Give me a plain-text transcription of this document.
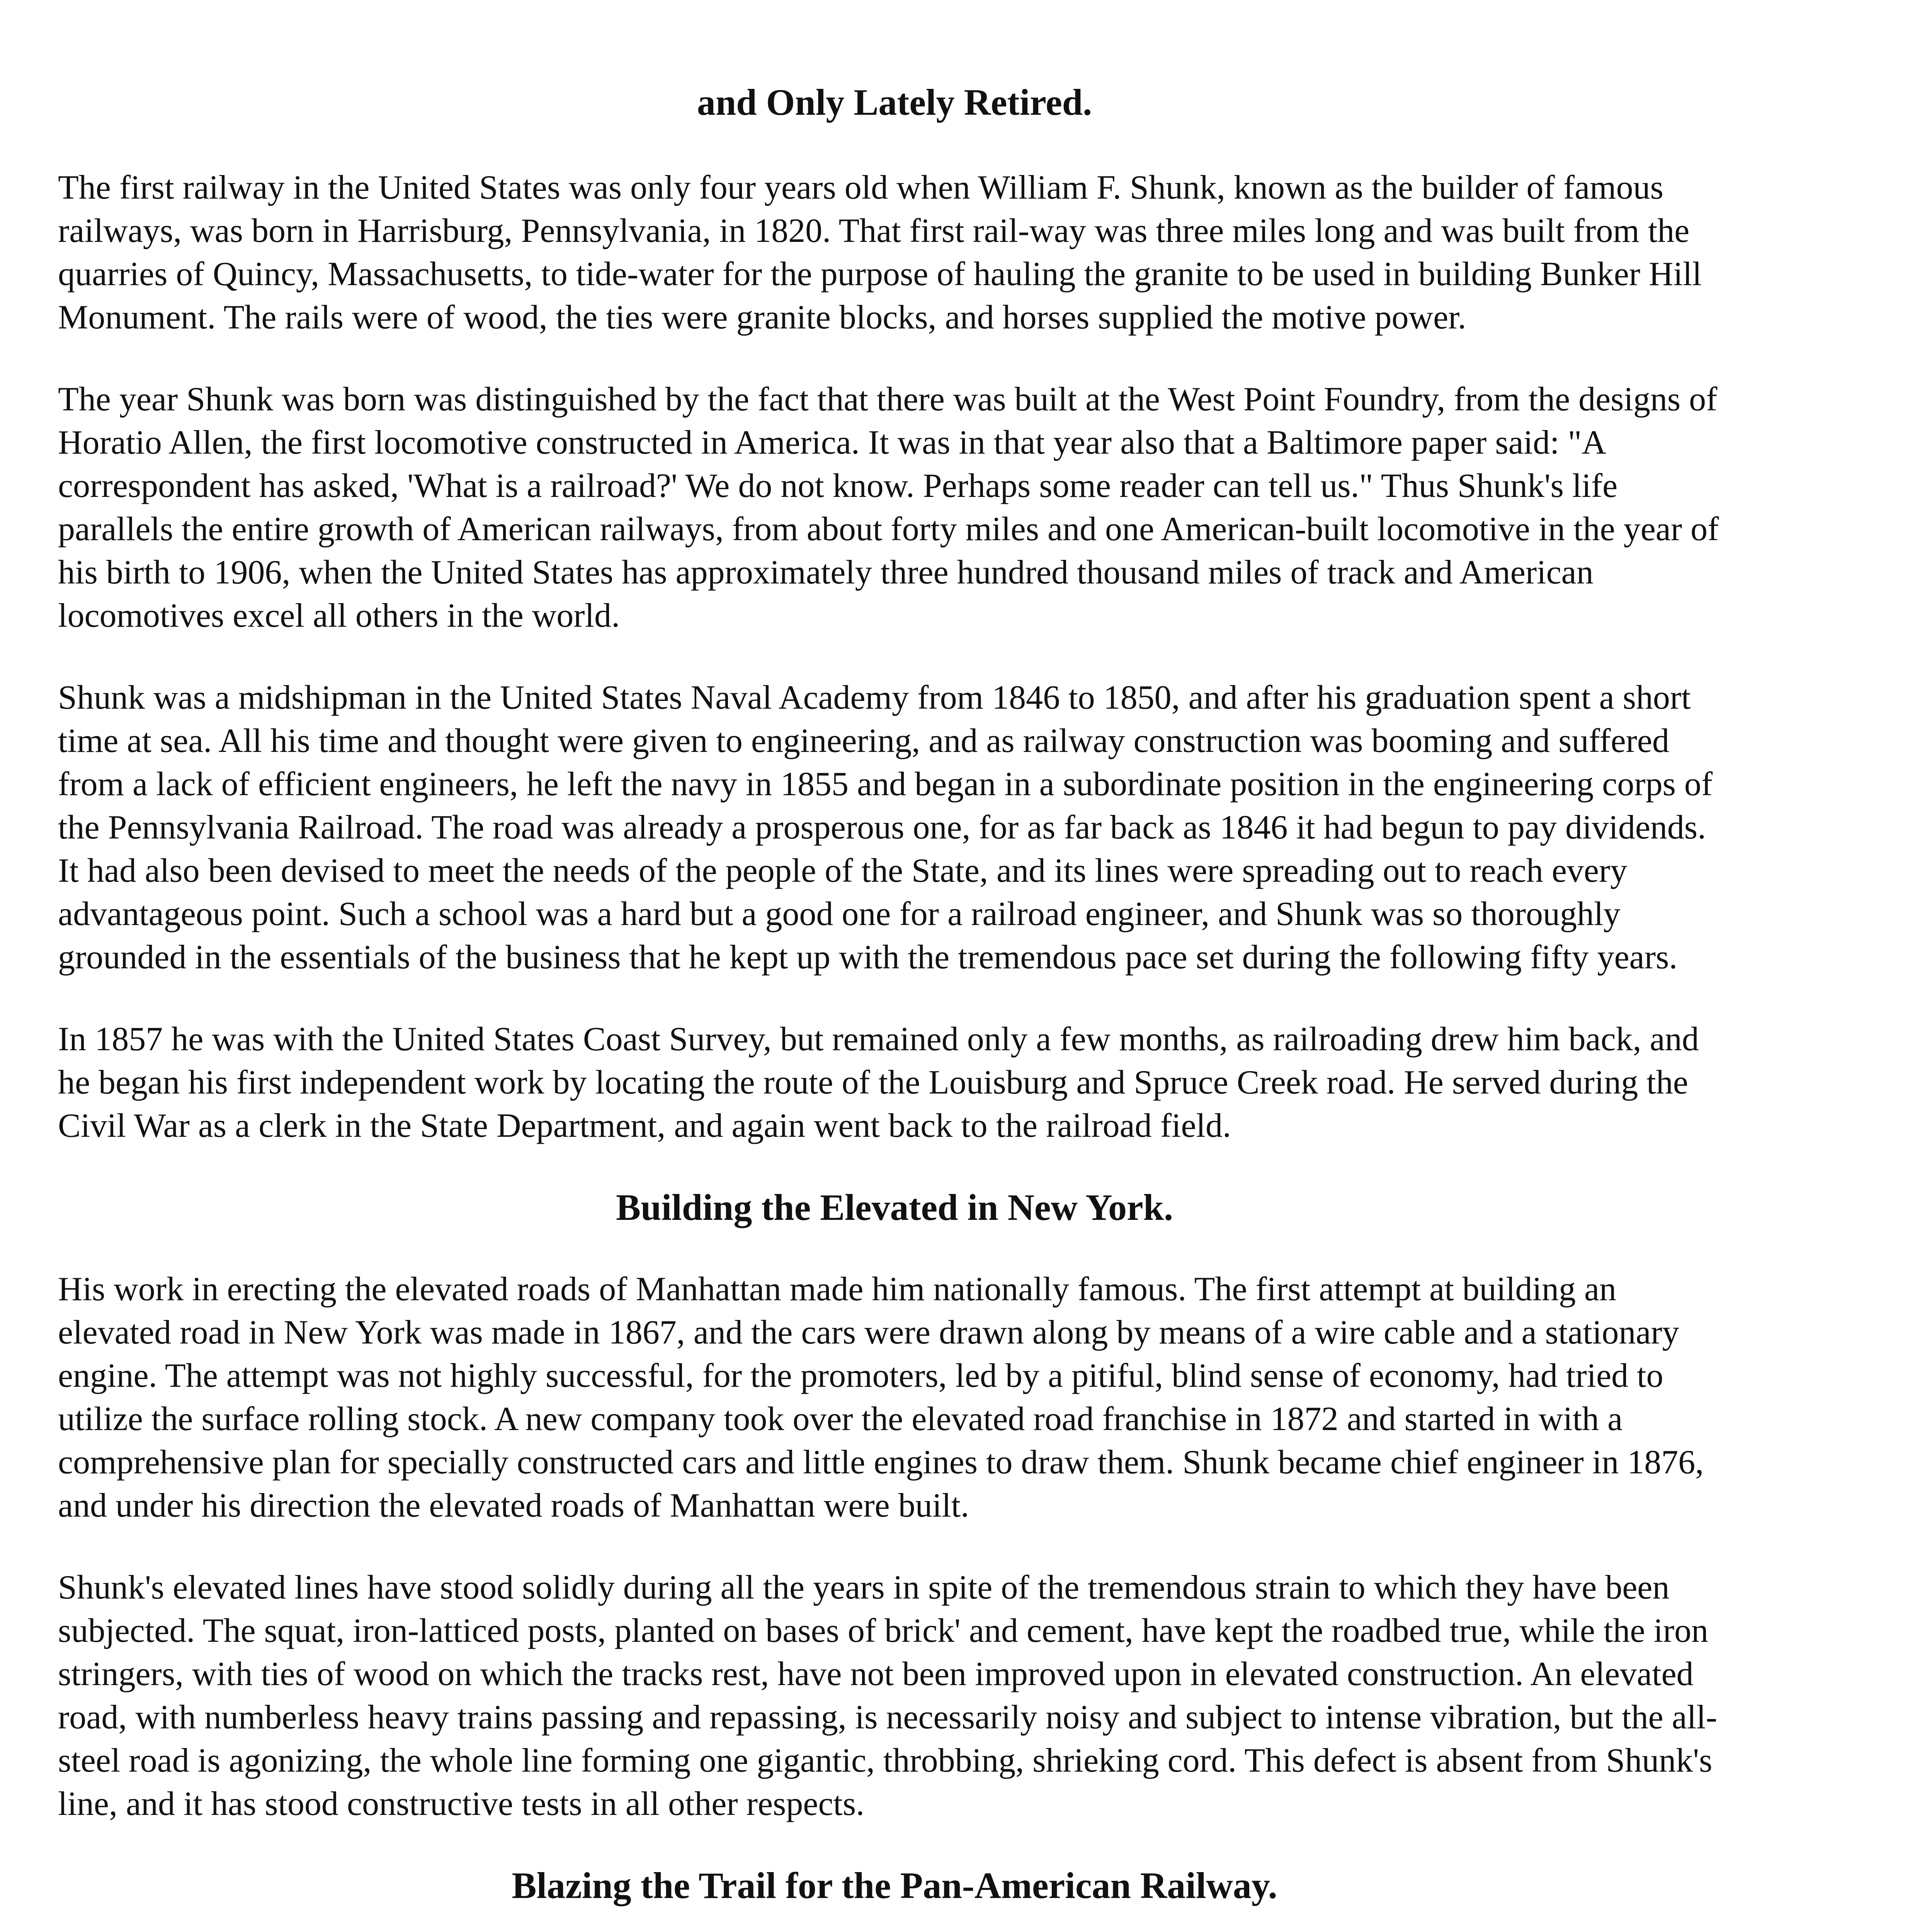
and Only Lately Retired.

The first railway in the United States was only four years old when William F. Shunk, known as the builder of famous railways, was born in Harrisburg, Pennsylvania, in 1820. That first rail-way was three miles long and was built from the quarries of Quincy, Massachusetts, to tide-water for the purpose of hauling the granite to be used in building Bunker Hill Monument. The rails were of wood, the ties were granite blocks, and horses supplied the motive power.

The year Shunk was born was distinguished by the fact that there was built at the West Point Foundry, from the designs of Horatio Allen, the first locomotive constructed in America. It was in that year also that a Baltimore paper said: "A correspondent has asked, 'What is a railroad?' We do not know. Perhaps some reader can tell us." Thus Shunk's life parallels the entire growth of American railways, from about forty miles and one American-built locomotive in the year of his birth to 1906, when the United States has approximately three hundred thousand miles of track and American locomotives excel all others in the world.

Shunk was a midshipman in the United States Naval Academy from 1846 to 1850, and after his graduation spent a short time at sea. All his time and thought were given to engineering, and as railway construction was booming and suffered from a lack of efficient engineers, he left the navy in 1855 and began in a subordinate position in the engineering corps of the Pennsylvania Railroad. The road was already a prosperous one, for as far back as 1846 it had begun to pay dividends. It had also been devised to meet the needs of the people of the State, and its lines were spreading out to reach every advantageous point. Such a school was a hard but a good one for a railroad engineer, and Shunk was so thoroughly grounded in the essentials of the business that he kept up with the tremendous pace set during the following fifty years.

In 1857 he was with the United States Coast Survey, but remained only a few months, as railroading drew him back, and he began his first independent work by locating the route of the Louisburg and Spruce Creek road. He served during the Civil War as a clerk in the State Department, and again went back to the railroad field.

Building the Elevated in New York.

His work in erecting the elevated roads of Manhattan made him nationally famous. The first attempt at building an elevated road in New York was made in 1867, and the cars were drawn along by means of a wire cable and a stationary engine. The attempt was not highly successful, for the promoters, led by a pitiful, blind sense of economy, had tried to utilize the surface rolling stock. A new company took over the elevated road franchise in 1872 and started in with a comprehensive plan for specially constructed cars and little engines to draw them. Shunk became chief engineer in 1876, and under his direction the elevated roads of Manhattan were built.

Shunk's elevated lines have stood solidly during all the years in spite of the tremendous strain to which they have been subjected. The squat, iron-latticed posts, planted on bases of brick' and cement, have kept the roadbed true, while the iron stringers, with ties of wood on which the tracks rest, have not been improved upon in elevated construction. An elevated road, with numberless heavy trains passing and repassing, is necessarily noisy and subject to intense vibration, but the all-steel road is agonizing, the whole line forming one gigantic, throbbing, shrieking cord. This defect is absent from Shunk's line, and it has stood constructive tests in all other respects.

Blazing the Trail for the Pan-American Railway.
